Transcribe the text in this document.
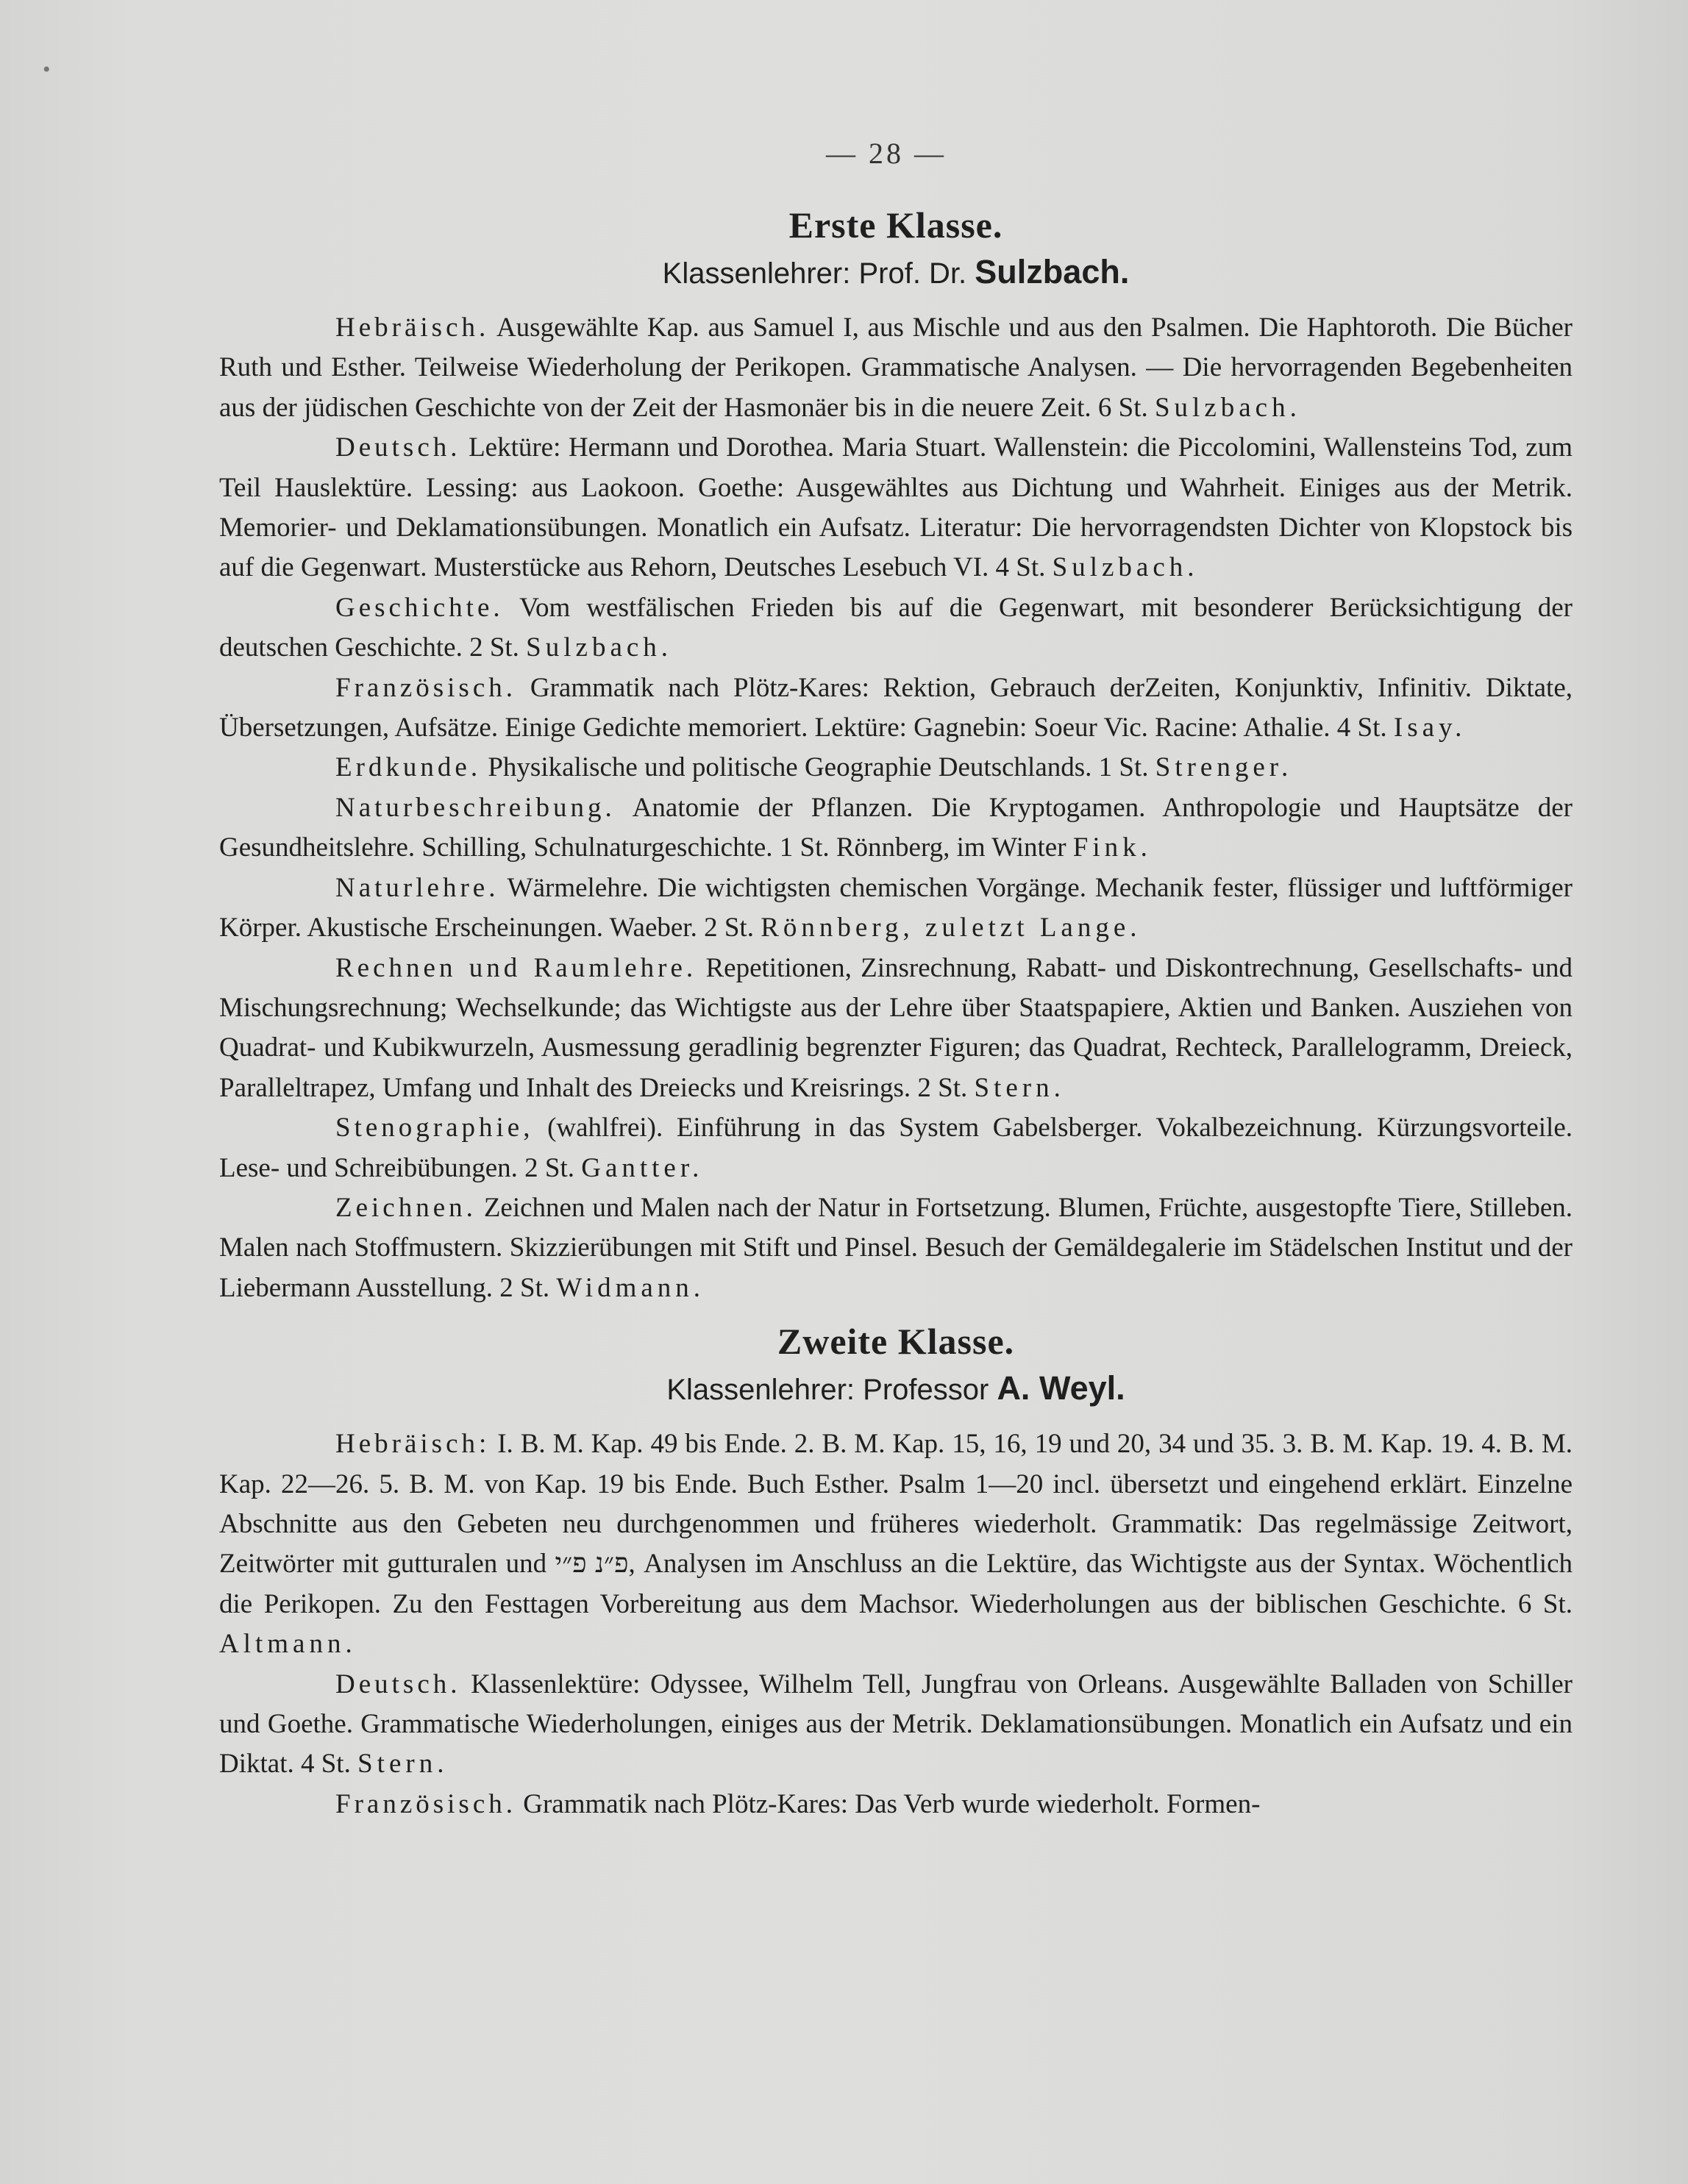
•
— 28 —
Erste Klasse.
Klassenlehrer: Prof. Dr. Sulzbach.

Hebräisch. Ausgewählte Kap. aus Samuel I, aus Mischle und aus den Psalmen. Die Haphtoroth. Die Bücher Ruth und Esther. Teilweise Wiederholung der Perikopen. Grammatische Analysen. — Die hervorragenden Begebenheiten aus der jüdischen Geschichte von der Zeit der Hasmonäer bis in die neuere Zeit. 6 St. Sulzbach.

Deutsch. Lektüre: Hermann und Dorothea. Maria Stuart. Wallenstein: die Piccolomini, Wallensteins Tod, zum Teil Hauslektüre. Lessing: aus Laokoon. Goethe: Ausgewähltes aus Dichtung und Wahrheit. Einiges aus der Metrik. Memorier- und Deklamationsübungen. Monatlich ein Aufsatz. Literatur: Die hervorragendsten Dichter von Klopstock bis auf die Gegenwart. Musterstücke aus Rehorn, Deutsches Lesebuch VI. 4 St. Sulzbach.

Geschichte. Vom westfälischen Frieden bis auf die Gegenwart, mit besonderer Berücksichtigung der deutschen Geschichte. 2 St. Sulzbach.

Französisch. Grammatik nach Plötz-Kares: Rektion, Gebrauch derZeiten, Konjunktiv, Infinitiv. Diktate, Übersetzungen, Aufsätze. Einige Gedichte memoriert. Lektüre: Gagnebin: Soeur Vic. Racine: Athalie. 4 St. Isay.

Erdkunde. Physikalische und politische Geographie Deutschlands. 1 St. Strenger.

Naturbeschreibung. Anatomie der Pflanzen. Die Kryptogamen. Anthropologie und Hauptsätze der Gesundheitslehre. Schilling, Schulnaturgeschichte. 1 St. Rönnberg, im Winter Fink.

Naturlehre. Wärmelehre. Die wichtigsten chemischen Vorgänge. Mechanik fester, flüssiger und luftförmiger Körper. Akustische Erscheinungen. Waeber. 2 St. Rönnberg, zuletzt Lange.

Rechnen und Raumlehre. Repetitionen, Zinsrechnung, Rabatt- und Diskontrechnung, Gesellschafts- und Mischungsrechnung; Wechselkunde; das Wichtigste aus der Lehre über Staatspapiere, Aktien und Banken. Ausziehen von Quadrat- und Kubikwurzeln, Ausmessung geradlinig begrenzter Figuren; das Quadrat, Rechteck, Parallelogramm, Dreieck, Paralleltrapez, Umfang und Inhalt des Dreiecks und Kreisrings. 2 St. Stern.

Stenographie, (wahlfrei). Einführung in das System Gabelsberger. Vokalbezeichnung. Kürzungsvorteile. Lese- und Schreibübungen. 2 St. Gantter.

Zeichnen. Zeichnen und Malen nach der Natur in Fortsetzung. Blumen, Früchte, ausgestopfte Tiere, Stilleben. Malen nach Stoffmustern. Skizzierübungen mit Stift und Pinsel. Besuch der Gemäldegalerie im Städelschen Institut und der Liebermann Ausstellung. 2 St. Widmann.

Zweite Klasse.
Klassenlehrer: Professor A. Weyl.

Hebräisch: I. B. M. Kap. 49 bis Ende. 2. B. M. Kap. 15, 16, 19 und 20, 34 und 35. 3. B. M. Kap. 19. 4. B. M. Kap. 22—26. 5. B. M. von Kap. 19 bis Ende. Buch Esther. Psalm 1—20 incl. übersetzt und eingehend erklärt. Einzelne Abschnitte aus den Gebeten neu durchgenommen und früheres wiederholt. Grammatik: Das regelmässige Zeitwort, Zeitwörter mit gutturalen und פ״נ פ״י, Analysen im Anschluss an die Lektüre, das Wichtigste aus der Syntax. Wöchentlich die Perikopen. Zu den Festtagen Vorbereitung aus dem Machsor. Wiederholungen aus der biblischen Geschichte. 6 St. Altmann.

Deutsch. Klassenlektüre: Odyssee, Wilhelm Tell, Jungfrau von Orleans. Ausgewählte Balladen von Schiller und Goethe. Grammatische Wiederholungen, einiges aus der Metrik. Deklamationsübungen. Monatlich ein Aufsatz und ein Diktat. 4 St. Stern.

Französisch. Grammatik nach Plötz-Kares: Das Verb wurde wiederholt. Formen-
